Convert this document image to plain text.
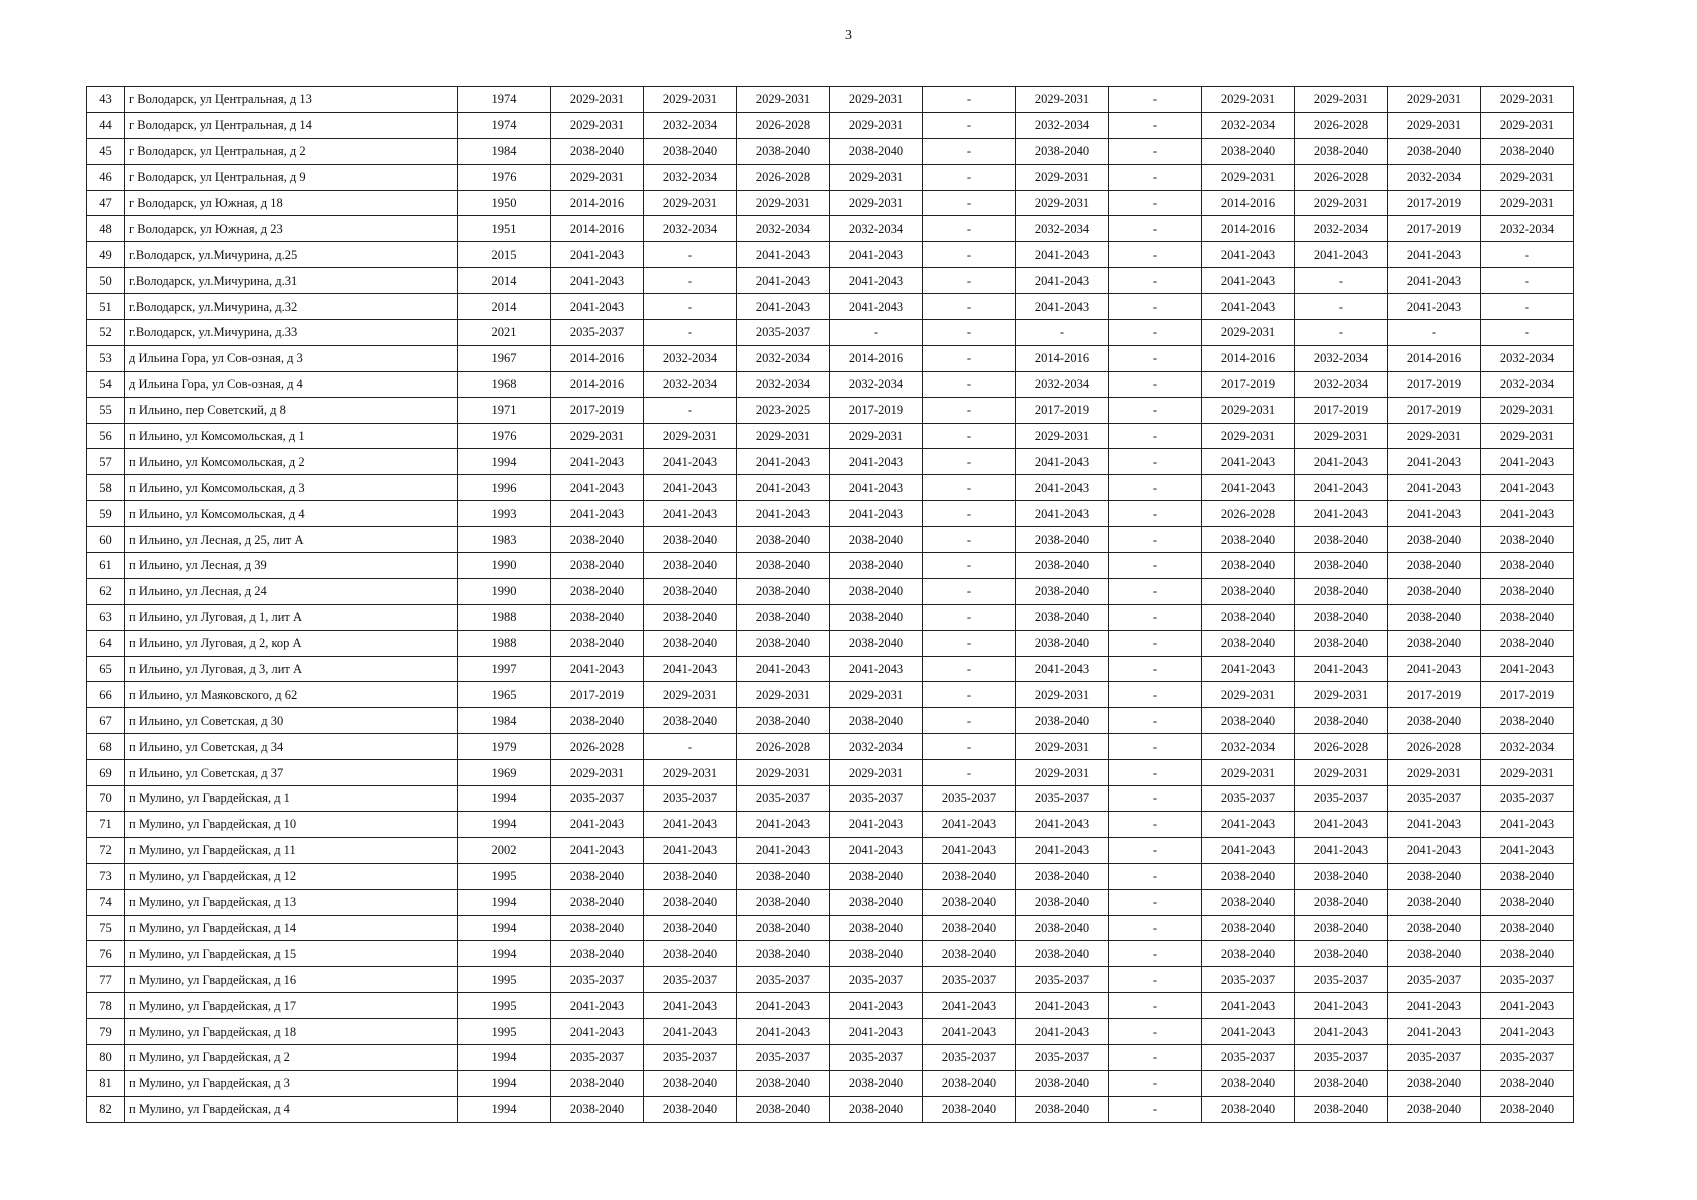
3
43	г Володарск, ул Центральная, д 13	1974	2029-2031	2029-2031	2029-2031	2029-2031	-	2029-2031	-	2029-2031	2029-2031	2029-2031	2029-2031
44	г Володарск, ул Центральная, д 14	1974	2029-2031	2032-2034	2026-2028	2029-2031	-	2032-2034	-	2032-2034	2026-2028	2029-2031	2029-2031
45	г Володарск, ул Центральная, д 2	1984	2038-2040	2038-2040	2038-2040	2038-2040	-	2038-2040	-	2038-2040	2038-2040	2038-2040	2038-2040
46	г Володарск, ул Центральная, д 9	1976	2029-2031	2032-2034	2026-2028	2029-2031	-	2029-2031	-	2029-2031	2026-2028	2032-2034	2029-2031
47	г Володарск, ул Южная, д 18	1950	2014-2016	2029-2031	2029-2031	2029-2031	-	2029-2031	-	2014-2016	2029-2031	2017-2019	2029-2031
48	г Володарск, ул Южная, д 23	1951	2014-2016	2032-2034	2032-2034	2032-2034	-	2032-2034	-	2014-2016	2032-2034	2017-2019	2032-2034
49	г.Володарск, ул.Мичурина, д.25	2015	2041-2043	-	2041-2043	2041-2043	-	2041-2043	-	2041-2043	2041-2043	2041-2043	-
50	г.Володарск, ул.Мичурина, д.31	2014	2041-2043	-	2041-2043	2041-2043	-	2041-2043	-	2041-2043	-	2041-2043	-
51	г.Володарск, ул.Мичурина, д.32	2014	2041-2043	-	2041-2043	2041-2043	-	2041-2043	-	2041-2043	-	2041-2043	-
52	г.Володарск, ул.Мичурина, д.33	2021	2035-2037	-	2035-2037	-	-	-	-	2029-2031	-	-	-
53	д Ильина Гора, ул Сов-озная, д 3	1967	2014-2016	2032-2034	2032-2034	2014-2016	-	2014-2016	-	2014-2016	2032-2034	2014-2016	2032-2034
54	д Ильина Гора, ул Сов-озная, д 4	1968	2014-2016	2032-2034	2032-2034	2032-2034	-	2032-2034	-	2017-2019	2032-2034	2017-2019	2032-2034
55	п Ильино, пер Советский, д 8	1971	2017-2019	-	2023-2025	2017-2019	-	2017-2019	-	2029-2031	2017-2019	2017-2019	2029-2031
56	п Ильино, ул Комсомольская, д 1	1976	2029-2031	2029-2031	2029-2031	2029-2031	-	2029-2031	-	2029-2031	2029-2031	2029-2031	2029-2031
57	п Ильино, ул Комсомольская, д 2	1994	2041-2043	2041-2043	2041-2043	2041-2043	-	2041-2043	-	2041-2043	2041-2043	2041-2043	2041-2043
58	п Ильино, ул Комсомольская, д 3	1996	2041-2043	2041-2043	2041-2043	2041-2043	-	2041-2043	-	2041-2043	2041-2043	2041-2043	2041-2043
59	п Ильино, ул Комсомольская, д 4	1993	2041-2043	2041-2043	2041-2043	2041-2043	-	2041-2043	-	2026-2028	2041-2043	2041-2043	2041-2043
60	п Ильино, ул Лесная, д 25, лит А	1983	2038-2040	2038-2040	2038-2040	2038-2040	-	2038-2040	-	2038-2040	2038-2040	2038-2040	2038-2040
61	п Ильино, ул Лесная, д 39	1990	2038-2040	2038-2040	2038-2040	2038-2040	-	2038-2040	-	2038-2040	2038-2040	2038-2040	2038-2040
62	п Ильино, ул Лесная, д 24	1990	2038-2040	2038-2040	2038-2040	2038-2040	-	2038-2040	-	2038-2040	2038-2040	2038-2040	2038-2040
63	п Ильино, ул Луговая, д 1, лит А	1988	2038-2040	2038-2040	2038-2040	2038-2040	-	2038-2040	-	2038-2040	2038-2040	2038-2040	2038-2040
64	п Ильино, ул Луговая, д 2, кор А	1988	2038-2040	2038-2040	2038-2040	2038-2040	-	2038-2040	-	2038-2040	2038-2040	2038-2040	2038-2040
65	п Ильино, ул Луговая, д 3, лит А	1997	2041-2043	2041-2043	2041-2043	2041-2043	-	2041-2043	-	2041-2043	2041-2043	2041-2043	2041-2043
66	п Ильино, ул Маяковского, д 62	1965	2017-2019	2029-2031	2029-2031	2029-2031	-	2029-2031	-	2029-2031	2029-2031	2017-2019	2017-2019
67	п Ильино, ул Советская, д 30	1984	2038-2040	2038-2040	2038-2040	2038-2040	-	2038-2040	-	2038-2040	2038-2040	2038-2040	2038-2040
68	п Ильино, ул Советская, д 34	1979	2026-2028	-	2026-2028	2032-2034	-	2029-2031	-	2032-2034	2026-2028	2026-2028	2032-2034
69	п Ильино, ул Советская, д 37	1969	2029-2031	2029-2031	2029-2031	2029-2031	-	2029-2031	-	2029-2031	2029-2031	2029-2031	2029-2031
70	п Мулино, ул Гвардейская, д 1	1994	2035-2037	2035-2037	2035-2037	2035-2037	2035-2037	2035-2037	-	2035-2037	2035-2037	2035-2037	2035-2037
71	п Мулино, ул Гвардейская, д 10	1994	2041-2043	2041-2043	2041-2043	2041-2043	2041-2043	2041-2043	-	2041-2043	2041-2043	2041-2043	2041-2043
72	п Мулино, ул Гвардейская, д 11	2002	2041-2043	2041-2043	2041-2043	2041-2043	2041-2043	2041-2043	-	2041-2043	2041-2043	2041-2043	2041-2043
73	п Мулино, ул Гвардейская, д 12	1995	2038-2040	2038-2040	2038-2040	2038-2040	2038-2040	2038-2040	-	2038-2040	2038-2040	2038-2040	2038-2040
74	п Мулино, ул Гвардейская, д 13	1994	2038-2040	2038-2040	2038-2040	2038-2040	2038-2040	2038-2040	-	2038-2040	2038-2040	2038-2040	2038-2040
75	п Мулино, ул Гвардейская, д 14	1994	2038-2040	2038-2040	2038-2040	2038-2040	2038-2040	2038-2040	-	2038-2040	2038-2040	2038-2040	2038-2040
76	п Мулино, ул Гвардейская, д 15	1994	2038-2040	2038-2040	2038-2040	2038-2040	2038-2040	2038-2040	-	2038-2040	2038-2040	2038-2040	2038-2040
77	п Мулино, ул Гвардейская, д 16	1995	2035-2037	2035-2037	2035-2037	2035-2037	2035-2037	2035-2037	-	2035-2037	2035-2037	2035-2037	2035-2037
78	п Мулино, ул Гвардейская, д 17	1995	2041-2043	2041-2043	2041-2043	2041-2043	2041-2043	2041-2043	-	2041-2043	2041-2043	2041-2043	2041-2043
79	п Мулино, ул Гвардейская, д 18	1995	2041-2043	2041-2043	2041-2043	2041-2043	2041-2043	2041-2043	-	2041-2043	2041-2043	2041-2043	2041-2043
80	п Мулино, ул Гвардейская, д 2	1994	2035-2037	2035-2037	2035-2037	2035-2037	2035-2037	2035-2037	-	2035-2037	2035-2037	2035-2037	2035-2037
81	п Мулино, ул Гвардейская, д 3	1994	2038-2040	2038-2040	2038-2040	2038-2040	2038-2040	2038-2040	-	2038-2040	2038-2040	2038-2040	2038-2040
82	п Мулино, ул Гвардейская, д 4	1994	2038-2040	2038-2040	2038-2040	2038-2040	2038-2040	2038-2040	-	2038-2040	2038-2040	2038-2040	2038-2040
